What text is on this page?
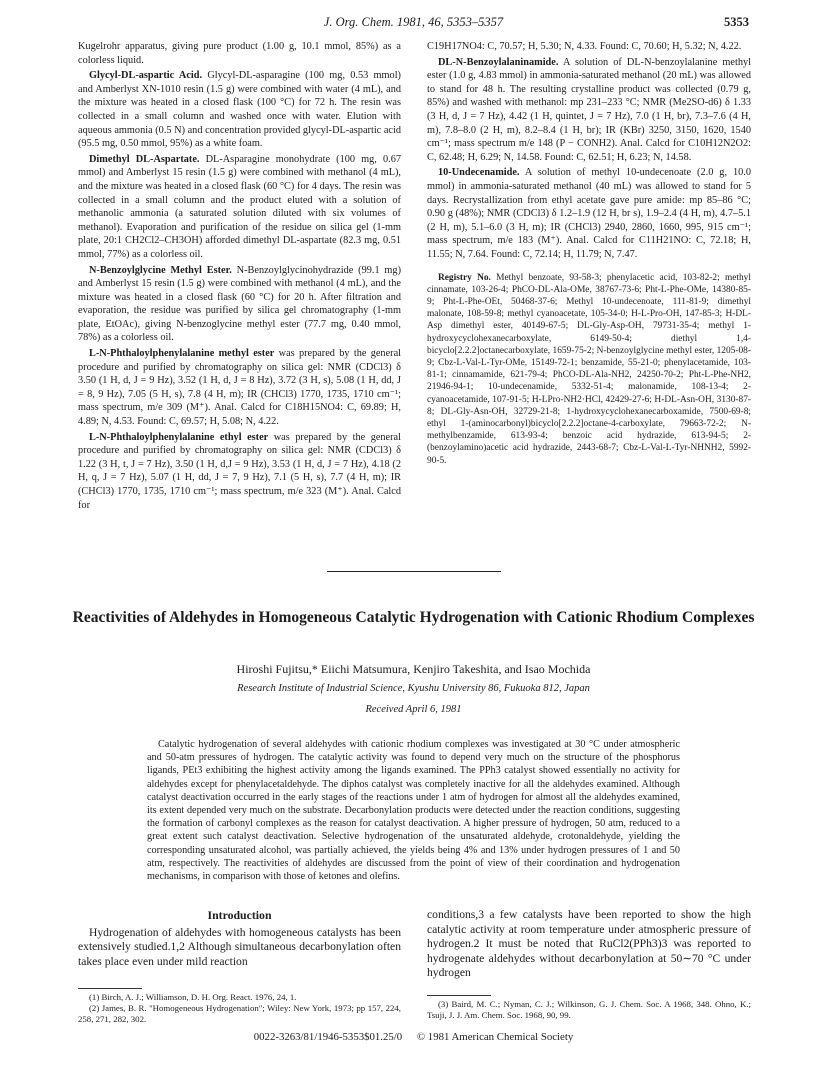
J. Org. Chem. 1981, 46, 5353–5357	5353

Kugelrohr apparatus, giving pure product (1.00 g, 10.1 mmol, 85%) as a colorless liquid.

Glycyl-DL-aspartic Acid. Glycyl-DL-asparagine (100 mg, 0.53 mmol) and Amberlyst XN-1010 resin (1.5 g) were combined with water (4 mL), and the mixture was heated in a closed flask (100 °C) for 72 h. The resin was collected in a small column and washed once with water. Elution with aqueous ammonia (0.5 N) and concentration provided glycyl-DL-aspartic acid (95.5 mg, 0.50 mmol, 95%) as a white foam.

Dimethyl DL-Aspartate. DL-Asparagine monohydrate (100 mg, 0.67 mmol) and Amberlyst 15 resin (1.5 g) were combined with methanol (4 mL), and the mixture was heated in a closed flask (60 °C) for 4 days. The resin was collected in a small column and the product eluted with a solution of methanolic ammonia (a saturated solution diluted with six volumes of methanol). Evaporation and purification of the residue on silica gel (1-mm plate, 20:1 CH2Cl2–CH3OH) afforded dimethyl DL-aspartate (82.3 mg, 0.51 mmol, 77%) as a colorless oil.

N-Benzoylglycine Methyl Ester. N-Benzoylglycinohydrazide (99.1 mg) and Amberlyst 15 resin (1.5 g) were combined with methanol (4 mL), and the mixture was heated in a closed flask (60 °C) for 20 h. After filtration and evaporation, the residue was purified by silica gel chromatography (1-mm plate, EtOAc), giving N-benzoglycine methyl ester (77.7 mg, 0.40 mmol, 78%) as a colorless oil.

L-N-Phthaloylphenylalanine methyl ester was prepared by the general procedure and purified by chromatography on silica gel: NMR (CDCl3) δ 3.50 (1 H, d, J = 9 Hz), 3.52 (1 H, d, J = 8 Hz), 3.72 (3 H, s), 5.08 (1 H, dd, J = 8, 9 Hz), 7.05 (5 H, s), 7.8 (4 H, m); IR (CHCl3) 1770, 1735, 1710 cm⁻¹; mass spectrum, m/e 309 (M⁺). Anal. Calcd for C18H15NO4: C, 69.89; H, 4.89; N, 4.53. Found: C, 69.57; H, 5.08; N, 4.22.

L-N-Phthaloylphenylalanine ethyl ester was prepared by the general procedure and purified by chromatography on silica gel: NMR (CDCl3) δ 1.22 (3 H, t, J = 7 Hz), 3.50 (1 H, d,J = 9 Hz), 3.53 (1 H, d, J = 7 Hz), 4.18 (2 H, q, J = 7 Hz), 5.07 (1 H, dd, J = 7, 9 Hz), 7.1 (5 H, s), 7.7 (4 H, m); IR (CHCl3) 1770, 1735, 1710 cm⁻¹; mass spectrum, m/e 323 (M⁺). Anal. Calcd for

C19H17NO4: C, 70.57; H, 5.30; N, 4.33. Found: C, 70.60; H, 5.32; N, 4.22.

DL-N-Benzoylalaninamide. A solution of DL-N-benzoylalanine methyl ester (1.0 g, 4.83 mmol) in ammonia-saturated methanol (20 mL) was allowed to stand for 48 h. The resulting crystalline product was collected (0.79 g, 85%) and washed with methanol: mp 231–233 °C; NMR (Me2SO-d6) δ 1.33 (3 H, d, J = 7 Hz), 4.42 (1 H, quintet, J = 7 Hz), 7.0 (1 H, br), 7.3–7.6 (4 H, m), 7.8–8.0 (2 H, m), 8.2–8.4 (1 H, br); IR (KBr) 3250, 3150, 1620, 1540 cm⁻¹; mass spectrum m/e 148 (P − CONH2). Anal. Calcd for C10H12N2O2: C, 62.48; H, 6.29; N, 14.58. Found: C, 62.51; H, 6.23; N, 14.58.

10-Undecenamide. A solution of methyl 10-undecenoate (2.0 g, 10.0 mmol) in ammonia-saturated methanol (40 mL) was allowed to stand for 5 days. Recrystallization from ethyl acetate gave pure amide: mp 85–86 °C; 0.90 g (48%); NMR (CDCl3) δ 1.2–1.9 (12 H, br s), 1.9–2.4 (4 H, m), 4.7–5.1 (2 H, m), 5.1–6.0 (3 H, m); IR (CHCl3) 2940, 2860, 1660, 995, 915 cm⁻¹; mass spectrum, m/e 183 (M⁺). Anal. Calcd for C11H21NO: C, 72.18; H, 11.55; N, 7.64. Found: C, 72.14; H, 11.79; N, 7.47.

Registry No. Methyl benzoate, 93-58-3; phenylacetic acid, 103-82-2; methyl cinnamate, 103-26-4; PhCO-DL-Ala-OMe, 38767-73-6; Pht-L-Phe-OMe, 14380-85-9; Pht-L-Phe-OEt, 50468-37-6; Methyl 10-undecenoate, 111-81-9; dimethyl malonate, 108-59-8; methyl cyanoacetate, 105-34-0; H-L-Pro-OH, 147-85-3; H-DL-Asp dimethyl ester, 40149-67-5; DL-Gly-Asp-OH, 79731-35-4; methyl 1-hydroxycyclohexanecarboxylate, 6149-50-4; diethyl 1,4-bicyclo[2.2.2]octanecarboxylate, 1659-75-2; N-benzoylglycine methyl ester, 1205-08-9; Cbz-L-Val-L-Tyr-OMe, 15149-72-1; benzamide, 55-21-0; phenylacetamide, 103-81-1; cinnamamide, 621-79-4; PhCO-DL-Ala-NH2, 24250-70-2; Pht-L-Phe-NH2, 21946-94-1; 10-undecenamide, 5332-51-4; malonamide, 108-13-4; 2-cyanoacetamide, 107-91-5; H-LPro-NH2·HCl, 42429-27-6; H-DL-Asn-OH, 3130-87-8; DL-Gly-Asn-OH, 32729-21-8; 1-hydroxycyclohexanecarboxamide, 7500-69-8; ethyl 1-(aminocarbonyl)bicyclo[2.2.2]octane-4-carboxylate, 79663-72-2; N-methylbenzamide, 613-93-4; benzoic acid hydrazide, 613-94-5; 2-(benzoylamino)acetic acid hydrazide, 2443-68-7; Cbz-L-Val-L-Tyr-NHNH2, 5992-90-5.

Reactivities of Aldehydes in Homogeneous Catalytic Hydrogenation with Cationic Rhodium Complexes
Hiroshi Fujitsu,* Eiichi Matsumura, Kenjiro Takeshita, and Isao Mochida
Research Institute of Industrial Science, Kyushu University 86, Fukuoka 812, Japan
Received April 6, 1981
Catalytic hydrogenation of several aldehydes with cationic rhodium complexes was investigated at 30 °C under atmospheric and 50-atm pressures of hydrogen. The catalytic activity was found to depend very much on the structure of the phosphorus ligands, PEt3 exhibiting the highest activity among the ligands examined. The PPh3 catalyst showed essentially no activity for aldehydes except for phenylacetaldehyde. The diphos catalyst was completely inactive for all the aldehydes examined. Although catalyst deactivation occurred in the early stages of the reactions under 1 atm of hydrogen for almost all the aldehydes examined, its extent depended very much on the substrate. Decarbonylation products were detected under the reaction conditions, suggesting the formation of carbonyl complexes as the reason for catalyst deactivation. A higher pressure of hydrogen, 50 atm, reduced to a great extent such catalyst deactivation. Selective hydrogenation of the unsaturated aldehyde, crotonaldehyde, yielding the corresponding unsaturated alcohol, was partially achieved, the yields being 4% and 13% under hydrogen pressures of 1 and 50 atm, respectively. The reactivities of aldehydes are discussed from the point of view of their coordination and hydrogenation mechanisms, in comparison with those of ketones and olefins.
Introduction

Hydrogenation of aldehydes with homogeneous catalysts has been extensively studied.1,2 Although simultaneous decarbonylation often takes place even under mild reaction

conditions,3 a few catalysts have been reported to show the high catalytic activity at room temperature under atmospheric pressure of hydrogen.2 It must be noted that RuCl2(PPh3)3 was reported to hydrogenate aldehydes without decarbonylation at 50∼70 °C under hydrogen

(1) Birch, A. J.; Williamson, D. H. Org. React. 1976, 24, 1.
(2) James, B. R. "Homogeneous Hydrogenation"; Wiley: New York, 1973; pp 157, 224, 258, 271, 282, 302.
(3) Baird, M. C.; Nyman, C. J.; Wilkinson, G. J. Chem. Soc. A 1968, 348. Ohno, K.; Tsuji, J. J. Am. Chem. Soc. 1968, 90, 99.
0022-3263/81/1946-5353$01.25/0 © 1981 American Chemical Society
